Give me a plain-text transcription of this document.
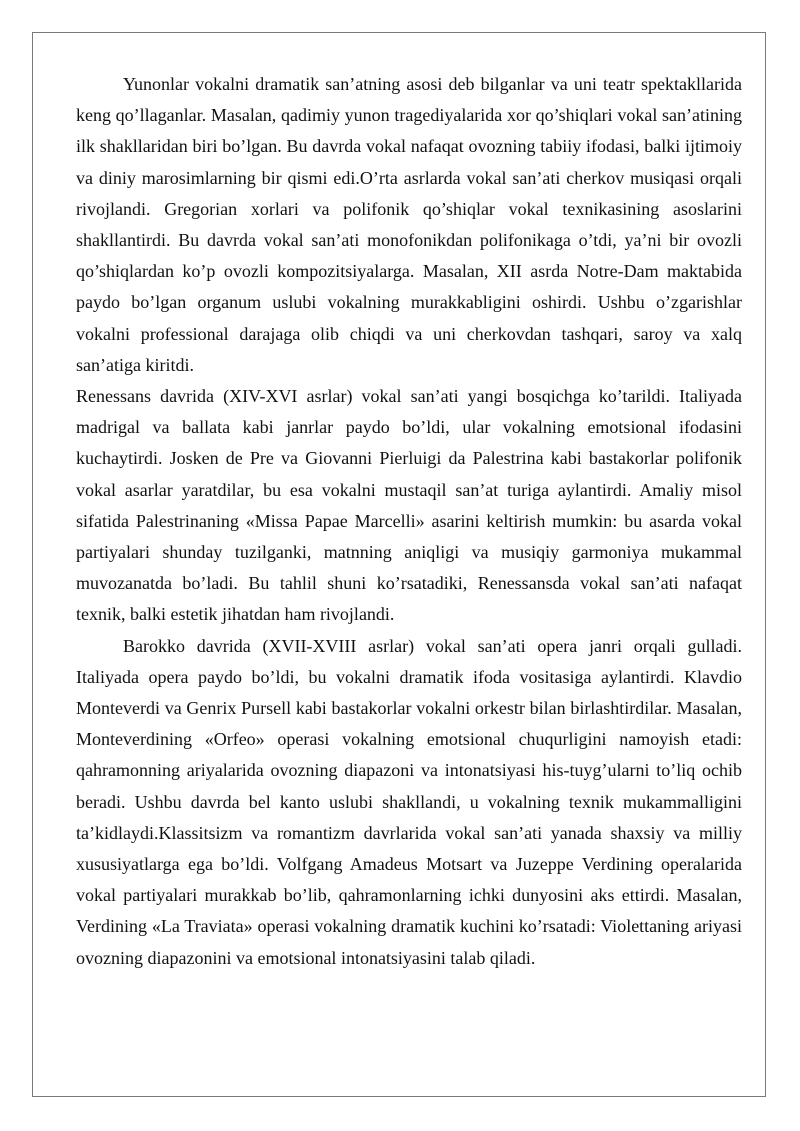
Yunonlar vokalni dramatik san’atning asosi deb bilganlar va uni teatr spektakllarida keng qo’llaganlar. Masalan, qadimiy yunon tragediyalarida xor qo’shiqlari vokal san’atining ilk shakllaridan biri bo’lgan. Bu davrda vokal nafaqat ovozning tabiiy ifodasi, balki ijtimoiy va diniy marosimlarning bir qismi edi.O’rta asrlarda vokal san’ati cherkov musiqasi orqali rivojlandi. Gregorian xorlari va polifonik qo’shiqlar vokal texnikasining asoslarini shakllantirdi. Bu davrda vokal san’ati monofonikdan polifonikaga o’tdi, ya’ni bir ovozli qo’shiqlardan ko’p ovozli kompozitsiyalarga. Masalan, XII asrda Notre-Dam maktabida paydo bo’lgan organum uslubi vokalning murakkabligini oshirdi. Ushbu o’zgarishlar vokalni professional darajaga olib chiqdi va uni cherkovdan tashqari, saroy va xalq san’atiga kiritdi.

Renessans davrida (XIV-XVI asrlar) vokal san’ati yangi bosqichga ko’tarildi. Italiyada madrigal va ballata kabi janrlar paydo bo’ldi, ular vokalning emotsional ifodasini kuchaytirdi. Josken de Pre va Giovanni Pierluigi da Palestrina kabi bastakorlar polifonik vokal asarlar yaratdilar, bu esa vokalni mustaqil san’at turiga aylantirdi. Amaliy misol sifatida Palestrinaning «Missa Papae Marcelli» asarini keltirish mumkin: bu asarda vokal partiyalari shunday tuzilganki, matnning aniqligi va musiqiy garmoniya mukammal muvozanatda bo’ladi. Bu tahlil shuni ko’rsatadiki, Renessansda vokal san’ati nafaqat texnik, balki estetik jihatdan ham rivojlandi.

Barokko davrida (XVII-XVIII asrlar) vokal san’ati opera janri orqali gulladi. Italiyada opera paydo bo’ldi, bu vokalni dramatik ifoda vositasiga aylantirdi. Klavdio Monteverdi va Genrix Pursell kabi bastakorlar vokalni orkestr bilan birlashtirdilar. Masalan, Monteverdining «Orfeo» operasi vokalning emotsional chuqurligini namoyish etadi: qahramonning ariyalarida ovozning diapazoni va intonatsiyasi his-tuyg’ularni to’liq ochib beradi. Ushbu davrda bel kanto uslubi shakllandi, u vokalning texnik mukammalligini ta’kidlaydi.Klassitsizm va romantizm davrlarida vokal san’ati yanada shaxsiy va milliy xususiyatlarga ega bo’ldi. Volfgang Amadeus Motsart va Juzeppe Verdining operalarida vokal partiyalari murakkab bo’lib, qahramonlarning ichki dunyosini aks ettirdi. Masalan, Verdining «La Traviata» operasi vokalning dramatik kuchini ko’rsatadi: Violettaning ariyasi ovozning diapazonini va emotsional intonatsiyasini talab qiladi.
